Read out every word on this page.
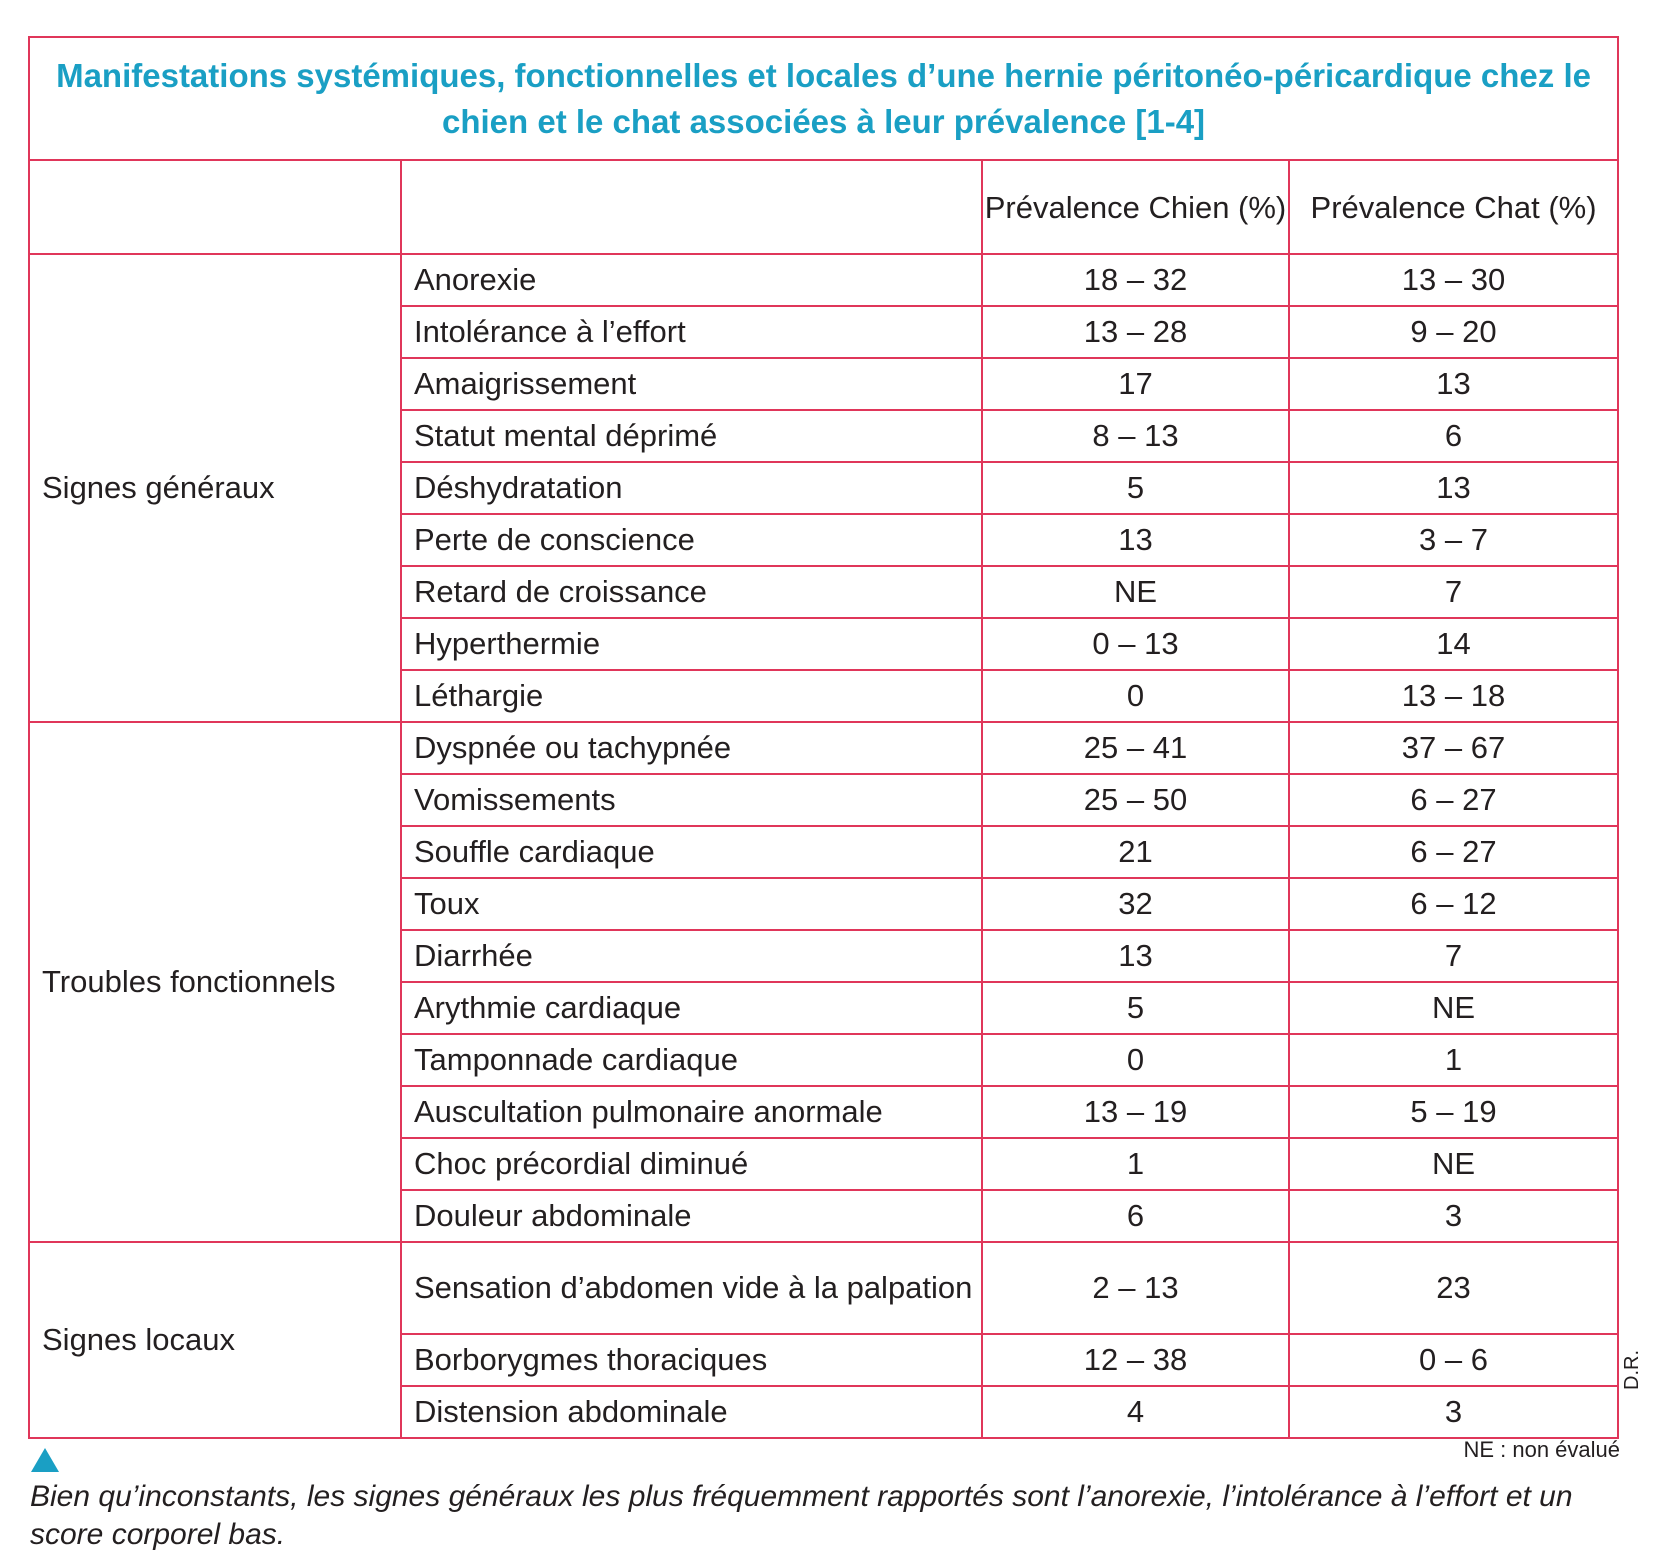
Manifestations systémiques, fonctionnelles et locales d’une hernie péritonéo-péricardique chez le chien et le chat associées à leur prévalence [1-4]			
		Prévalence Chien (%)	Prévalence Chat (%)
Signes généraux	Anorexie	18 – 32	13 – 30
	Intolérance à l’effort	13 – 28	9 – 20
	Amaigrissement	17	13
	Statut mental déprimé	8 – 13	6
	Déshydratation	5	13
	Perte de conscience	13	3 – 7
	Retard de croissance	NE	7
	Hyperthermie	0 – 13	14
	Léthargie	0	13 – 18
Troubles fonctionnels	Dyspnée ou tachypnée	25 – 41	37 – 67
	Vomissements	25 – 50	6 – 27
	Souffle cardiaque	21	6 – 27
	Toux	32	6 – 12
	Diarrhée	13	7
	Arythmie cardiaque	5	NE
	Tamponnade cardiaque	0	1
	Auscultation pulmonaire anormale	13 – 19	5 – 19
	Choc précordial diminué	1	NE
	Douleur abdominale	6	3
Signes locaux	Sensation d’abdomen vide à la palpation	2 – 13	23
	Borborygmes thoraciques	12 – 38	0 – 6
	Distension abdominale	4	3
NE : non évalué
D.R.
Bien qu’inconstants, les signes généraux les plus fréquemment rapportés sont l’anorexie, l’intolérance à l’effort et un score corporel bas.
